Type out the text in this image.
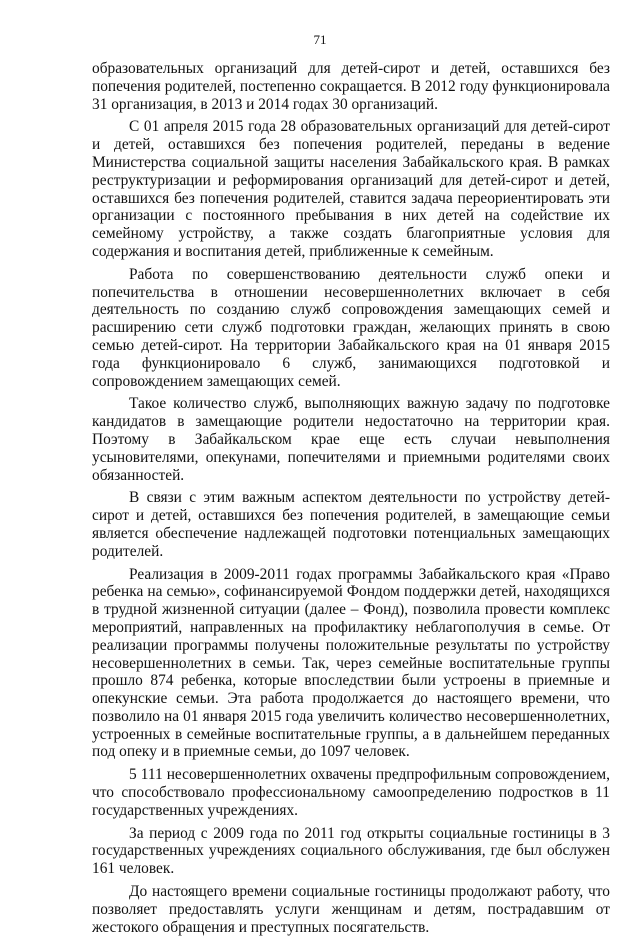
71

образовательных организаций для детей-сирот и детей, оставшихся без попечения родителей, постепенно сокращается. В 2012 году функционировала 31 организация, в 2013 и 2014 годах 30 организаций.

С 01 апреля 2015 года 28 образовательных организаций для детей-сирот и детей, оставшихся без попечения родителей, переданы в ведение Министерства социальной защиты населения Забайкальского края. В рамках реструктуризации и реформирования организаций для детей-сирот и детей, оставшихся без попечения родителей, ставится задача переориентировать эти организации с постоянного пребывания в них детей на содействие их семейному устройству, а также создать благоприятные условия для содержания и воспитания детей, приближенные к семейным.

Работа по совершенствованию деятельности служб опеки и попечительства в отношении несовершеннолетних включает в себя деятельность по созданию служб сопровождения замещающих семей и расширению сети служб подготовки граждан, желающих принять в свою семью детей-сирот. На территории Забайкальского края на 01 января 2015 года функционировало 6 служб, занимающихся подготовкой и сопровождением замещающих семей.

Такое количество служб, выполняющих важную задачу по подготовке кандидатов в замещающие родители недостаточно на территории края. Поэтому в Забайкальском крае еще есть случаи невыполнения усыновителями, опекунами, попечителями и приемными родителями своих обязанностей.

В связи с этим важным аспектом деятельности по устройству детей-сирот и детей, оставшихся без попечения родителей, в замещающие семьи является обеспечение надлежащей подготовки потенциальных замещающих родителей.

Реализация в 2009-2011 годах программы Забайкальского края «Право ребенка на семью», софинансируемой Фондом поддержки детей, находящихся в трудной жизненной ситуации (далее – Фонд), позволила провести комплекс мероприятий, направленных на профилактику неблагополучия в семье. От реализации программы получены положительные результаты по устройству несовершеннолетних в семьи. Так, через семейные воспитательные группы прошло 874 ребенка, которые впоследствии были устроены в приемные и опекунские семьи. Эта работа продолжается до настоящего времени, что позволило на 01 января 2015 года увеличить количество несовершеннолетних, устроенных в семейные воспитательные группы, а в дальнейшем переданных под опеку и в приемные семьи, до 1097 человек.

5 111 несовершеннолетних охвачены предпрофильным сопровождением, что способствовало профессиональному самоопределению подростков в 11 государственных учреждениях.

За период с 2009 года по 2011 год открыты социальные гостиницы в 3 государственных учреждениях социального обслуживания, где был обслужен 161 человек.

До настоящего времени социальные гостиницы продолжают работу, что позволяет предоставлять услуги женщинам и детям, пострадавшим от жестокого обращения и преступных посягательств.
